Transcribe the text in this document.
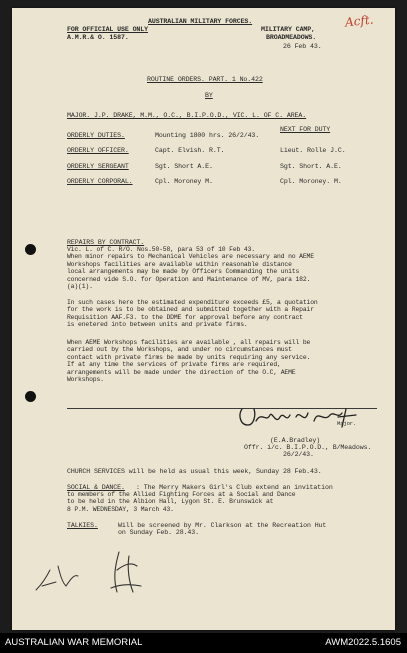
Acft.
AUSTRALIAN MILITARY FORCES.
FOR OFFICIAL USE ONLY
A.M.R.& O. 1587.
MILITARY CAMP,
BROADMEADOWS.
26 Feb 43.
ROUTINE ORDERS. PART. 1 No.422
BY
MAJOR. J.P. DRAKE, M.M., O.C., B.I.P.O.D., VIC. L. OF C. AREA.
NEXT FOR DUTY
ORDERLY DUTIES.	Mounting 1800 hrs. 26/2/43.
ORDERLY OFFICER.	Capt. Elvish. R.T.	Lieut. Rolle J.C.
ORDERLY SERGEANT	Sgt. Short A.E.	Sgt. Short. A.E.
ORDERLY CORPORAL.	Cpl. Moroney M.	Cpl. Moroney. M.
REPAIRS BY CONTRACT.
Vic. L. of C. R/O. Nos.50-58, para 53 of 10 Feb 43.
When minor repairs to Mechanical Vehicles are necessary and no AEME
Workshops facilities are available within reasonable distance
local arrangements may be made by Officers Commanding the units
concerned vide S.O. for Operation and Maintenance of MV, para 182.
(a)(1).
In such cases here the estimated expenditure exceeds £5, a quotation
for the work is to be obtained and submitted together with a Repair
Requisition AAF.F3. to the DDME for approval before any contract
is enetered into between units and private firms.
When AEME Workshops facilities are available , all repairs will be
carried out by the Workshops, and under no circumstances must
contact with private firms be made by units requiring any service.
If at any time the services of private firms are required,
arrangements will be made under the direction of the O.C, AEME
Workshops.
Major.
(E.A.Bradley)
Offr. i/c. B.I.P.O.D., B/Meadows.
26/2/43.
CHURCH SERVICES will be held as usual this week, Sunday 28 Feb.43.
SOCIAL & DANCE. : The Merry Makers Girl's Club extend an invitation
to members of the Allied Fighting Forces at a Social and Dance
to be held in the Albion Hall, Lygon St. E. Brunswick at
8 P.M. WEDNESDAY, 3 March 43.
TALKIES.	Will be screened by Mr. Clarkson at the Recreation Hut
on Sunday Feb. 28.43.
AUSTRALIAN WAR MEMORIAL	AWM2022.5.1605
